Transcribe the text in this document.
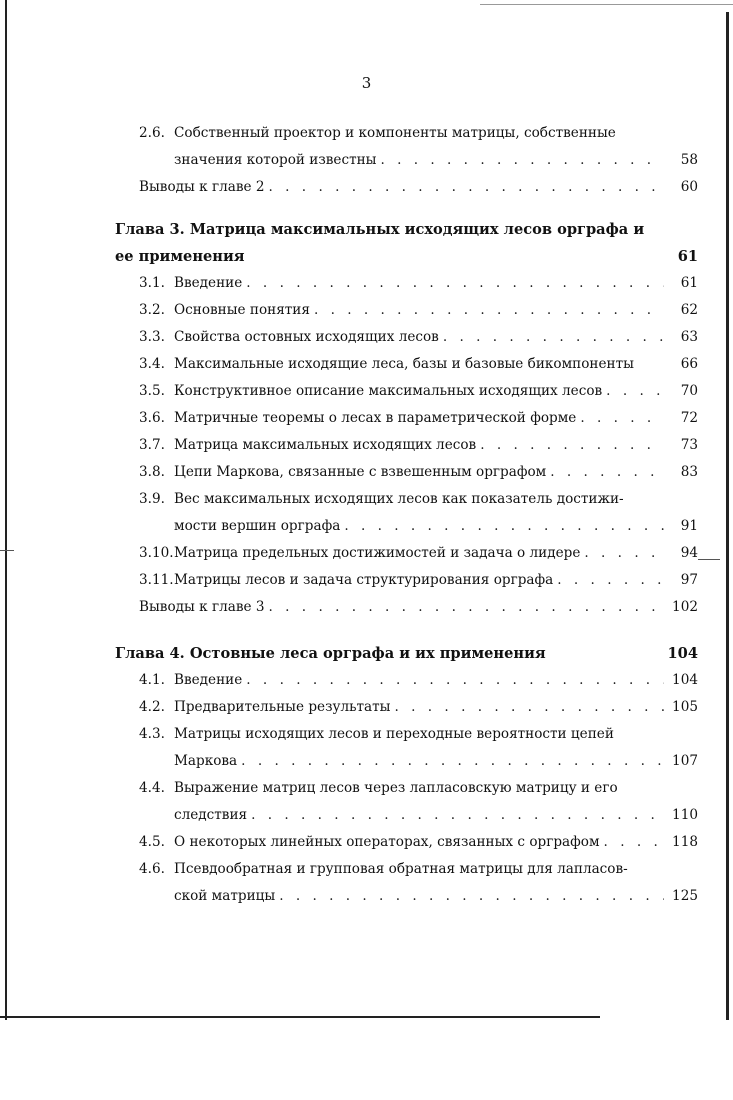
3
2.6. Собственный проектор и компоненты матрицы, собственные
значения которой известны . . .	58
Выводы к главе 2 . . .	60
Глава 3. Матрица максимальных исходящих лесов орграфа и
ее применения	61
3.1. Введение . . .	61
3.2. Основные понятия . . .	62
3.3. Свойства остовных исходящих лесов . . .	63
3.4. Максимальные исходящие леса, базы и базовые бикомпоненты	66
3.5. Конструктивное описание максимальных исходящих лесов . . .	70
3.6. Матричные теоремы о лесах в параметрической форме . . .	72
3.7. Матрица максимальных исходящих лесов . . .	73
3.8. Цепи Маркова, связанные с взвешенным орграфом . . .	83
3.9. Вес максимальных исходящих лесов как показатель достижи-
мости вершин орграфа . . .	91
3.10. Матрица предельных достижимостей и задача о лидере . . .	94
3.11. Матрицы лесов и задача структурирования орграфа . . .	97
Выводы к главе 3 . . .	102
Глава 4. Остовные леса орграфа и их применения	104
4.1. Введение . . .	104
4.2. Предварительные результаты . . .	105
4.3. Матрицы исходящих лесов и переходные вероятности цепей
Маркова . . .	107
4.4. Выражение матриц лесов через лапласовскую матрицу и его
следствия . . .	110
4.5. О некоторых линейных операторах, связанных с орграфом . . .	118
4.6. Псевдообратная и групповая обратная матрицы для лапласов-
ской матрицы . . .	125
